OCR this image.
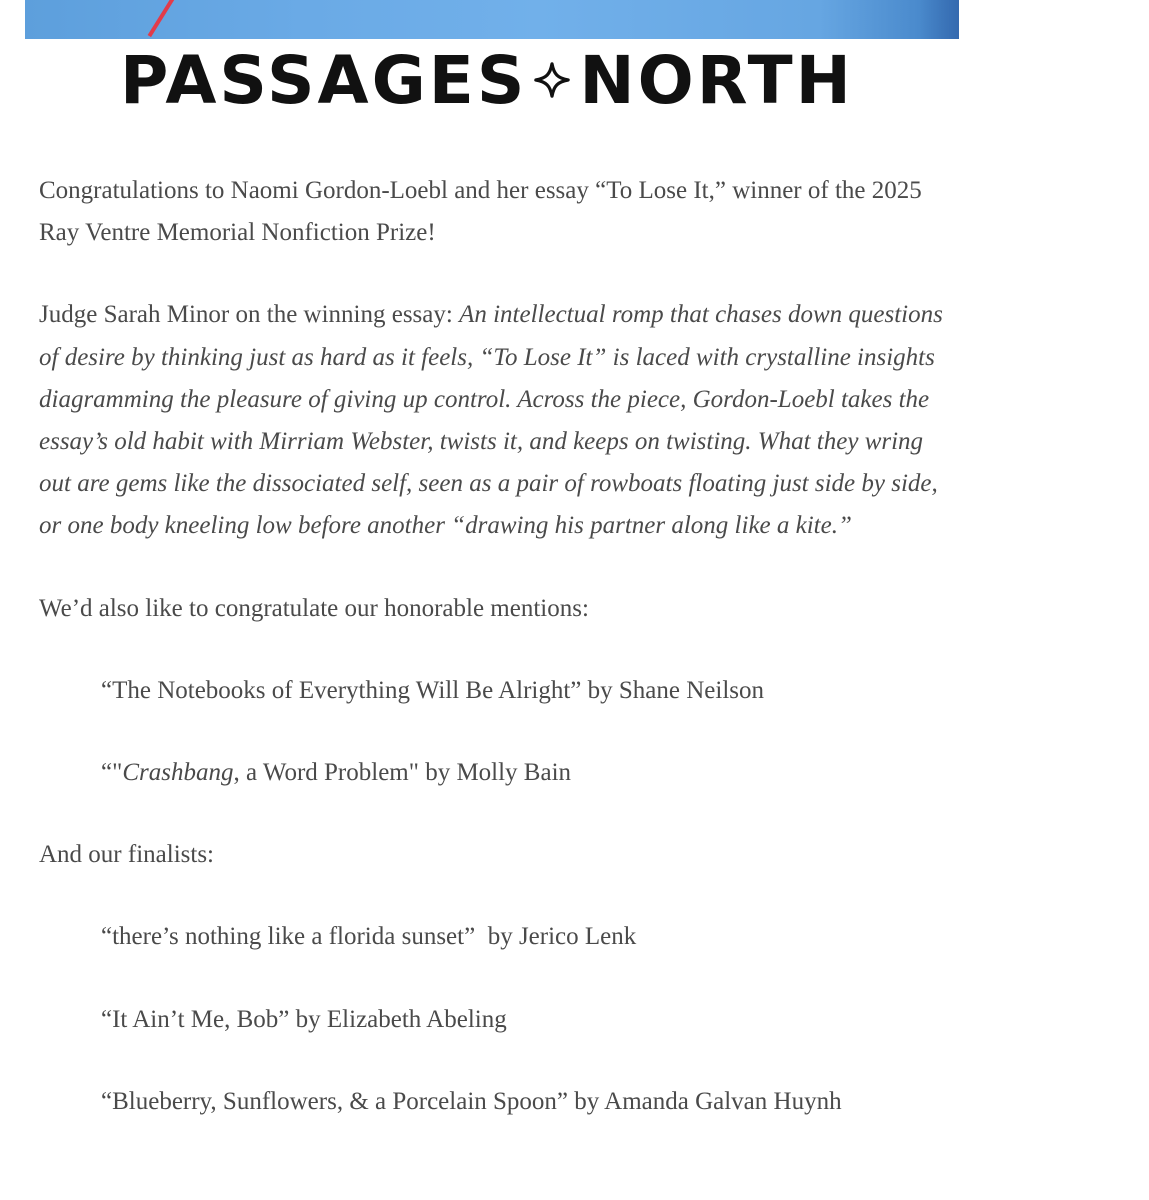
PASSAGES NORTH

Congratulations to Naomi Gordon-Loebl and her essay “To Lose It,” winner of the 2025 Ray Ventre Memorial Nonfiction Prize!

Judge Sarah Minor on the winning essay: An intellectual romp that chases down questions of desire by thinking just as hard as it feels, “To Lose It” is laced with crystalline insights diagramming the pleasure of giving up control. Across the piece, Gordon-Loebl takes the essay’s old habit with Mirriam Webster, twists it, and keeps on twisting. What they wring out are gems like the dissociated self, seen as a pair of rowboats floating just side by side, or one body kneeling low before another “drawing his partner along like a kite.”

We’d also like to congratulate our honorable mentions:

“The Notebooks of Everything Will Be Alright” by Shane Neilson

“"Crashbang, a Word Problem" by Molly Bain

And our finalists:

“there’s nothing like a florida sunset”  by Jerico Lenk

“It Ain’t Me, Bob” by Elizabeth Abeling

“Blueberry, Sunflowers, & a Porcelain Spoon” by Amanda Galvan Huynh
